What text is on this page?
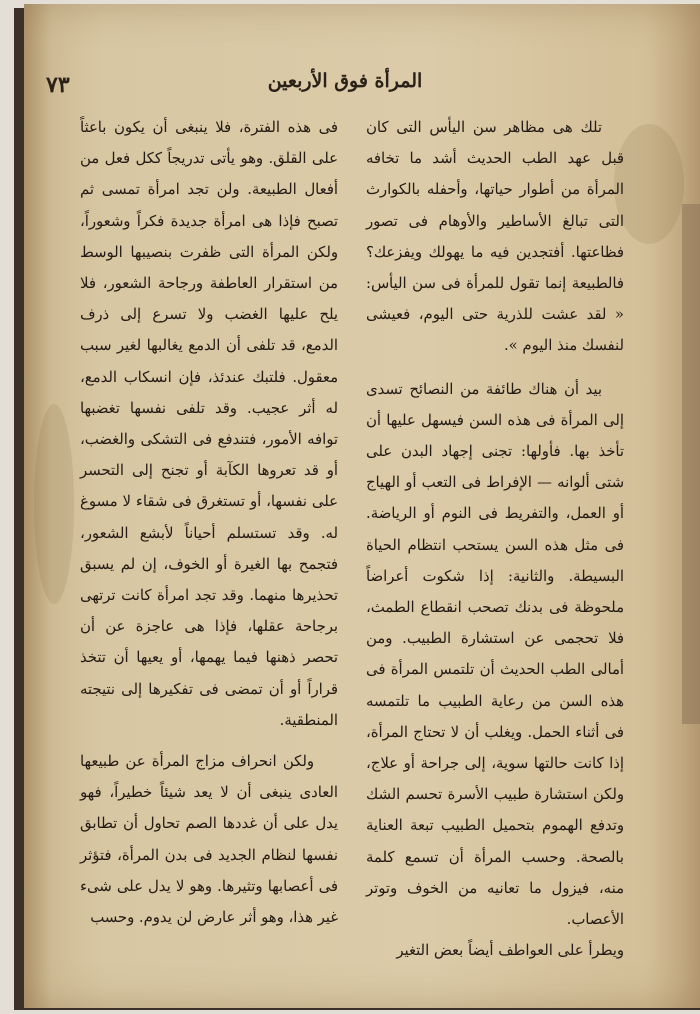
المرأة فوق الأربعين
٧٣

تلك هى مظاهر سن اليأس التى كان قبل عهد الطب الحديث أشد ما تخافه المرأة من أطوار حياتها، وأحفله بالكوارث التى تبالغ الأساطير والأوهام فى تصور فظاعتها. أفتجدين فيه ما يهولك ويفزعك؟ فالطبيعة إنما تقول للمرأة فى سن اليأس: « لقد عشت للذرية حتى اليوم، فعيشى لنفسك منذ اليوم ».

بيد أن هناك طائفة من النصائح تسدى إلى المرأة فى هذه السن فيسهل عليها أن تأخذ بها. فأولها: تجنى إجهاد البدن على شتى ألوانه — الإفراط فى التعب أو الهياج أو العمل، والتفريط فى النوم أو الرياضة. فى مثل هذه السن يستحب انتظام الحياة البسيطة. والثانية: إذا شكوت أعراضاً ملحوظة فى بدنك تصحب انقطاع الطمث، فلا تحجمى عن استشارة الطبيب. ومن أمالى الطب الحديث أن تلتمس المرأة فى هذه السن من رعاية الطبيب ما تلتمسه فى أثناء الحمل. ويغلب أن لا تحتاج المرأة، إذا كانت حالتها سوية، إلى جراحة أو علاج، ولكن استشارة طبيب الأسرة تحسم الشك وتدفع الهموم بتحميل الطبيب تبعة العناية بالصحة. وحسب المرأة أن تسمع كلمة منه، فيزول ما تعانيه من الخوف وتوتر الأعصاب.

ويطرأ على العواطف أيضاً بعض التغير

فى هذه الفترة، فلا ينبغى أن يكون باعثاً على القلق. وهو يأتى تدريجاً ككل فعل من أفعال الطبيعة. ولن تجد امرأة تمسى ثم تصبح فإذا هى امرأة جديدة فكراً وشعوراً، ولكن المرأة التى ظفرت بنصيبها الوسط من استقرار العاطفة ورجاحة الشعور، فلا يلح عليها الغضب ولا تسرع إلى ذرف الدمع، قد تلفى أن الدمع يغالبها لغير سبب معقول. فلتبك عندئذ، فإن انسكاب الدمع، له أثر عجيب. وقد تلفى نفسها تغضبها توافه الأمور، فتندفع فى التشكى والغضب، أو قد تعروها الكآبة أو تجنح إلى التحسر على نفسها، أو تستغرق فى شقاء لا مسوغ له. وقد تستسلم أحياناً لأبشع الشعور، فتجمح بها الغيرة أو الخوف، إن لم يسبق تحذيرها منهما. وقد تجد امرأة كانت ترتهى برجاحة عقلها، فإذا هى عاجزة عن أن تحصر ذهنها فيما يهمها، أو يعيها أن تتخذ قراراً أو أن تمضى فى تفكيرها إلى نتيجته المنطقية.

ولكن انحراف مزاج المرأة عن طبيعها العادى ينبغى أن لا يعد شيئاً خطيراً، فهو يدل على أن غددها الصم تحاول أن تطابق نفسها لنظام الجديد فى بدن المرأة، فتؤثر فى أعصابها وتثيرها. وهو لا يدل على شىء غير هذا، وهو أثر عارض لن يدوم. وحسب
